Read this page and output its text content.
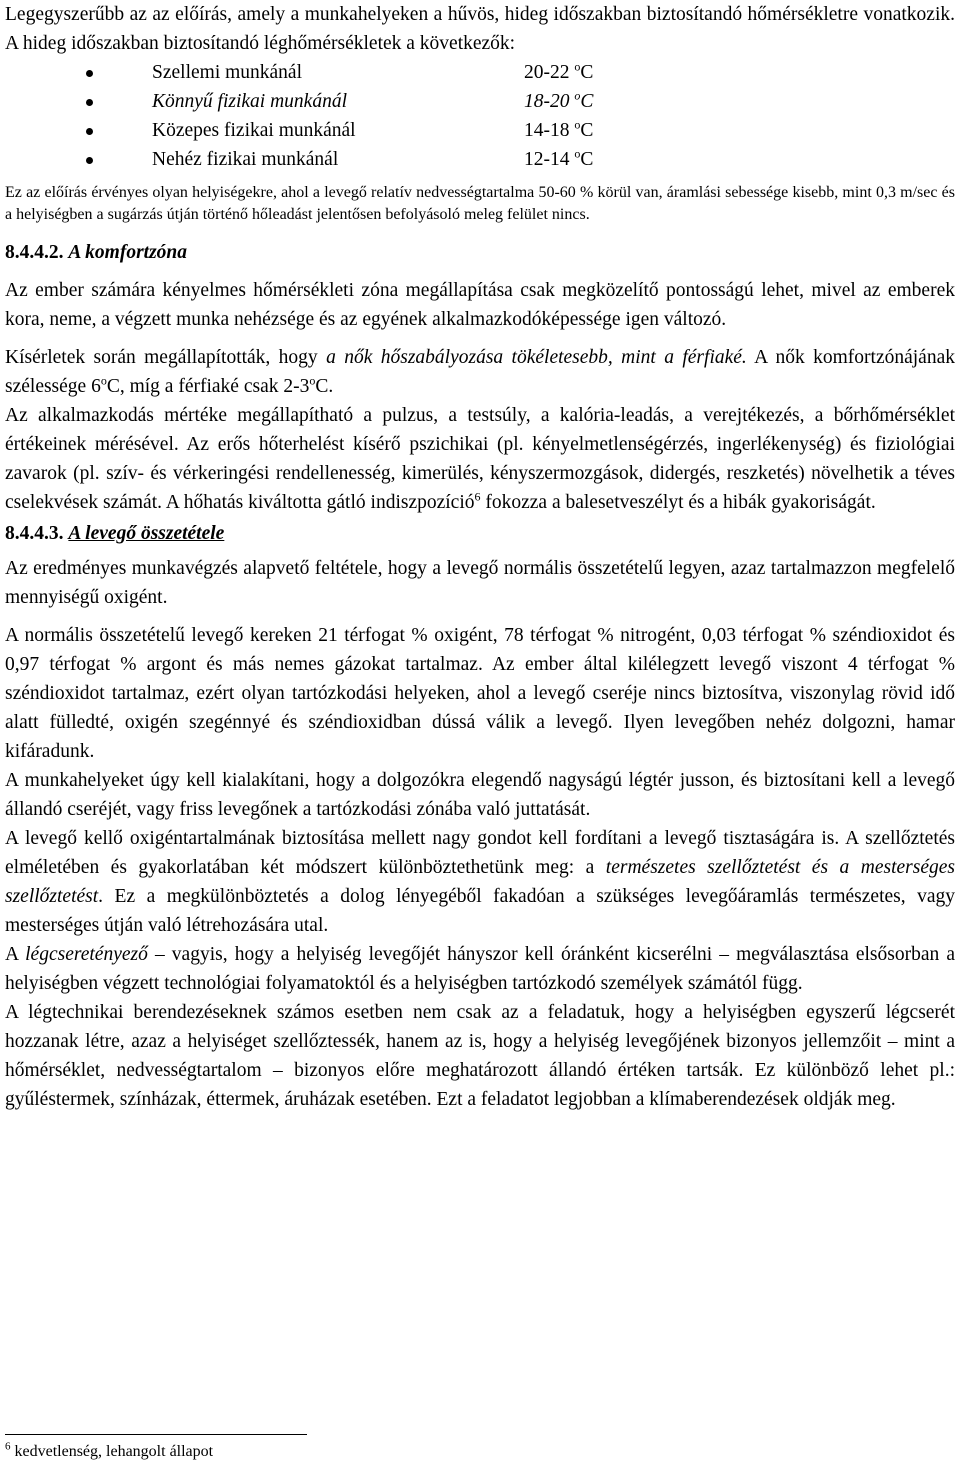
Legegyszerűbb az az előírás, amely a munkahelyeken a hűvös, hideg időszakban biztosítandó hőmérsékletre vonatkozik. A hideg időszakban biztosítandó léghőmérsékletek a következők:

Szellemi munkánál	20-22 $^o$C
Könnyű fizikai munkánál	18-20 $^o$C
Közepes fizikai munkánál	14-18 $^o$C
Nehéz fizikai munkánál	12-14 $^o$C

Ez az előírás érvényes olyan helyiségekre, ahol a levegő relatív nedvességtartalma 50-60 % körül van, áramlási sebessége kisebb, mint 0,3 m/sec és a helyiségben a sugárzás útján történő hőleadást jelentősen befolyásoló meleg felület nincs.

8.4.4.2. A komfortzóna

Az ember számára kényelmes hőmérsékleti zóna megállapítása csak megközelítő pontosságú lehet, mivel az emberek kora, neme, a végzett munka nehézsége és az egyének alkalmazkodóképessége igen változó.

Kísérletek során megállapították, hogy a nők hőszabályozása tökéletesebb, mint a férfiaké. A nők komfortzónájának szélessége 6$^o$C, míg a férfiaké csak 2-3$^o$C.

Az alkalmazkodás mértéke megállapítható a pulzus, a testsúly, a kalória-leadás, a verejtékezés, a bőrhőmérséklet értékeinek mérésével. Az erős hőterhelést kísérő pszichikai (pl. kényelmetlenségérzés, ingerlékenység) és fiziológiai zavarok (pl. szív- és vérkeringési rendellenesség, kimerülés, kényszermozgások, didergés, reszketés) növelhetik a téves cselekvések számát. A hőhatás kiváltotta gátló indiszpozíció$^6$ fokozza a balesetveszélyt és a hibák gyakoriságát.

8.4.4.3. A levegő összetétele

Az eredményes munkavégzés alapvető feltétele, hogy a levegő normális összetételű legyen, azaz tartalmazzon megfelelő mennyiségű oxigént.

A normális összetételű levegő kereken 21 térfogat % oxigént, 78 térfogat % nitrogént, 0,03 térfogat % széndioxidot és 0,97 térfogat % argont és más nemes gázokat tartalmaz. Az ember által kilélegzett levegő viszont 4 térfogat % széndioxidot tartalmaz, ezért olyan tartózkodási helyeken, ahol a levegő cseréje nincs biztosítva, viszonylag rövid idő alatt fülledté, oxigén szegénnyé és széndioxidban dússá válik a levegő. Ilyen levegőben nehéz dolgozni, hamar kifáradunk.

A munkahelyeket úgy kell kialakítani, hogy a dolgozókra elegendő nagyságú légtér jusson, és biztosítani kell a levegő állandó cseréjét, vagy friss levegőnek a tartózkodási zónába való juttatását.

A levegő kellő oxigéntartalmának biztosítása mellett nagy gondot kell fordítani a levegő tisztaságára is. A szellőztetés elméletében és gyakorlatában két módszert különböztethetünk meg: a természetes szellőztetést és a mesterséges szellőztetést. Ez a megkülönböztetés a dolog lényegéből fakadóan a szükséges levegőáramlás természetes, vagy mesterséges útján való létrehozására utal.

A légcseretényező – vagyis, hogy a helyiség levegőjét hányszor kell óránként kicserélni – megválasztása elsősorban a helyiségben végzett technológiai folyamatoktól és a helyiségben tartózkodó személyek számától függ.

A légtechnikai berendezéseknek számos esetben nem csak az a feladatuk, hogy a helyiségben egyszerű légcserét hozzanak létre, azaz a helyiséget szellőztessék, hanem az is, hogy a helyiség levegőjének bizonyos jellemzőit – mint a hőmérséklet, nedvességtartalom – bizonyos előre meghatározott állandó értéken tartsák. Ez különböző lehet pl.: gyűléstermek, színházak, éttermek, áruházak esetében. Ezt a feladatot legjobban a klímaberendezések oldják meg.

$^6$ kedvetlenség, lehangolt állapot
